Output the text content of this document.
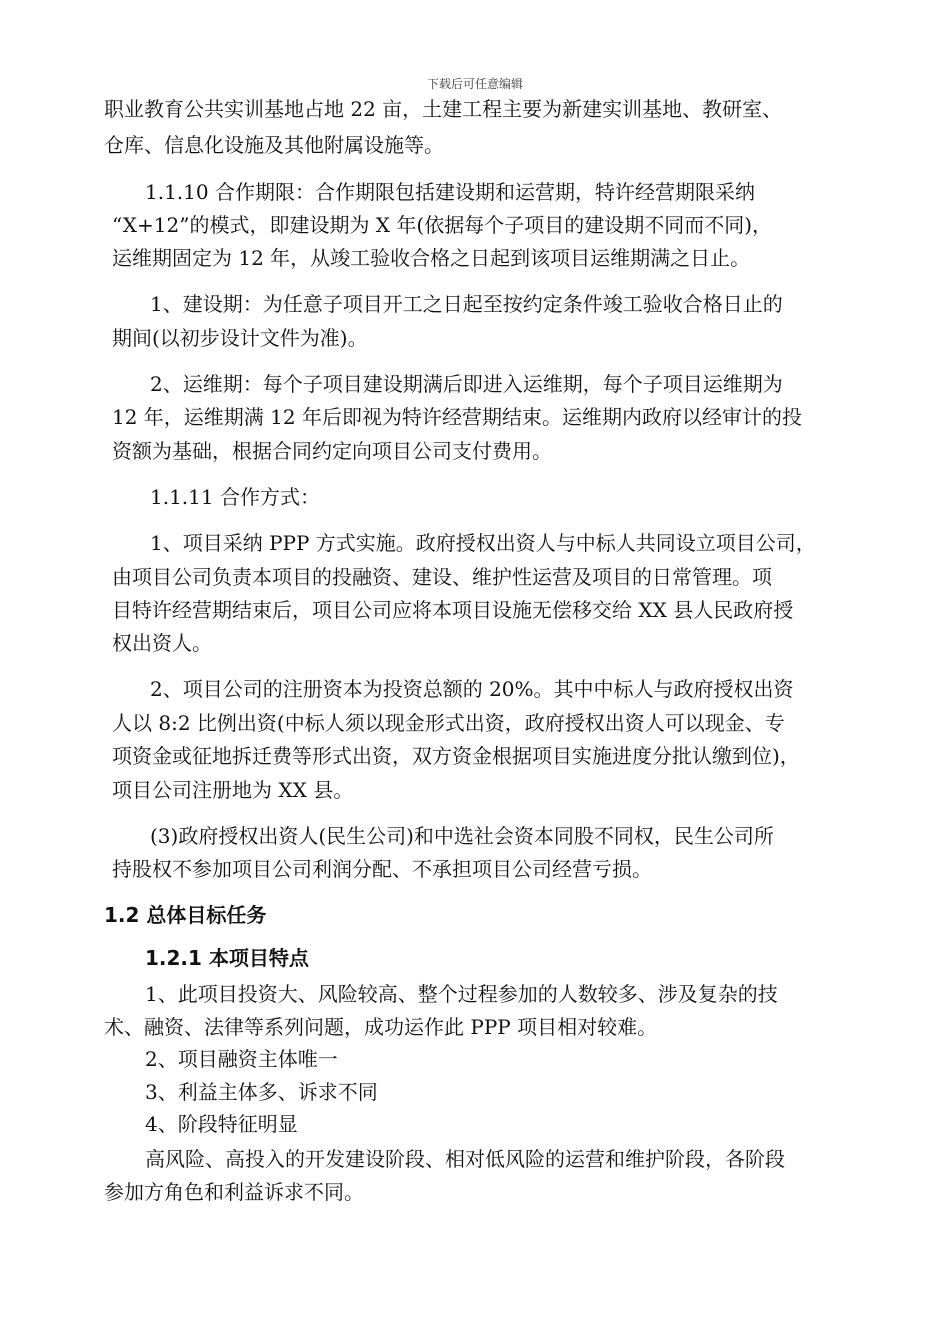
下载后可任意编辑
职业教育公共实训基地占地 22 亩，土建工程主要为新建实训基地、教研室、
仓库、信息化设施及其他附属设施等。
1.1.10 合作期限：合作期限包括建设期和运营期，特许经营期限采纳
“X+12”的模式，即建设期为 X 年(依据每个子项目的建设期不同而不同)，
运维期固定为 12 年，从竣工验收合格之日起到该项目运维期满之日止。
1、建设期：为任意子项目开工之日起至按约定条件竣工验收合格日止的
期间(以初步设计文件为准)。
2、运维期：每个子项目建设期满后即进入运维期，每个子项目运维期为
12 年，运维期满 12 年后即视为特许经营期结束。运维期内政府以经审计的投
资额为基础，根据合同约定向项目公司支付费用。
1.1.11 合作方式：
1、项目采纳 PPP 方式实施。政府授权出资人与中标人共同设立项目公司，
由项目公司负责本项目的投融资、建设、维护性运营及项目的日常管理。项
目特许经营期结束后，项目公司应将本项目设施无偿移交给 XX 县人民政府授
权出资人。
2、项目公司的注册资本为投资总额的 20%。其中中标人与政府授权出资
人以 8:2 比例出资(中标人须以现金形式出资，政府授权出资人可以现金、专
项资金或征地拆迁费等形式出资，双方资金根据项目实施进度分批认缴到位)，
项目公司注册地为 XX 县。
(3)政府授权出资人(民生公司)和中选社会资本同股不同权，民生公司所
持股权不参加项目公司利润分配、不承担项目公司经营亏损。
1.2 总体目标任务
1.2.1 本项目特点
1、此项目投资大、风险较高、整个过程参加的人数较多、涉及复杂的技
术、融资、法律等系列问题，成功运作此 PPP 项目相对较难。
2、项目融资主体唯一
3、利益主体多、诉求不同
4、阶段特征明显
高风险、高投入的开发建设阶段、相对低风险的运营和维护阶段，各阶段
参加方角色和利益诉求不同。
